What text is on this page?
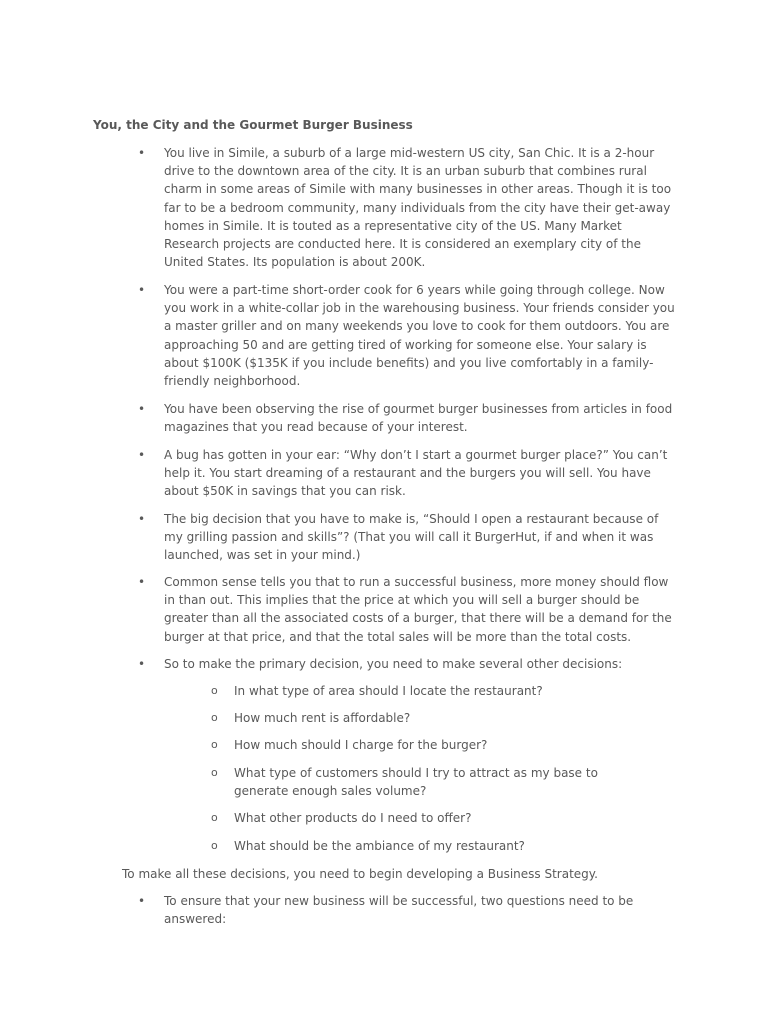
You, the City and the Gourmet Burger Business
• You live in Simile, a suburb of a large mid-western US city, San Chic. It is a 2-hour drive to the downtown area of the city. It is an urban suburb that combines rural charm in some areas of Simile with many businesses in other areas. Though it is too far to be a bedroom community, many individuals from the city have their get-away homes in Simile. It is touted as a representative city of the US. Many Market Research projects are conducted here. It is considered an exemplary city of the United States. Its population is about 200K.
• You were a part-time short-order cook for 6 years while going through college. Now you work in a white-collar job in the warehousing business. Your friends consider you a master griller and on many weekends you love to cook for them outdoors. You are approaching 50 and are getting tired of working for someone else. Your salary is about $100K ($135K if you include benefits) and you live comfortably in a family-friendly neighborhood.
• You have been observing the rise of gourmet burger businesses from articles in food magazines that you read because of your interest.
• A bug has gotten in your ear: “Why don’t I start a gourmet burger place?” You can’t help it. You start dreaming of a restaurant and the burgers you will sell. You have about $50K in savings that you can risk.
• The big decision that you have to make is, “Should I open a restaurant because of my grilling passion and skills”? (That you will call it BurgerHut, if and when it was launched, was set in your mind.)
• Common sense tells you that to run a successful business, more money should flow in than out. This implies that the price at which you will sell a burger should be greater than all the associated costs of a burger, that there will be a demand for the burger at that price, and that the total sales will be more than the total costs.
• So to make the primary decision, you need to make several other decisions:
o In what type of area should I locate the restaurant?
o How much rent is affordable?
o How much should I charge for the burger?
o What type of customers should I try to attract as my base to generate enough sales volume?
o What other products do I need to offer?
o What should be the ambiance of my restaurant?
To make all these decisions, you need to begin developing a Business Strategy.
• To ensure that your new business will be successful, two questions need to be answered:
